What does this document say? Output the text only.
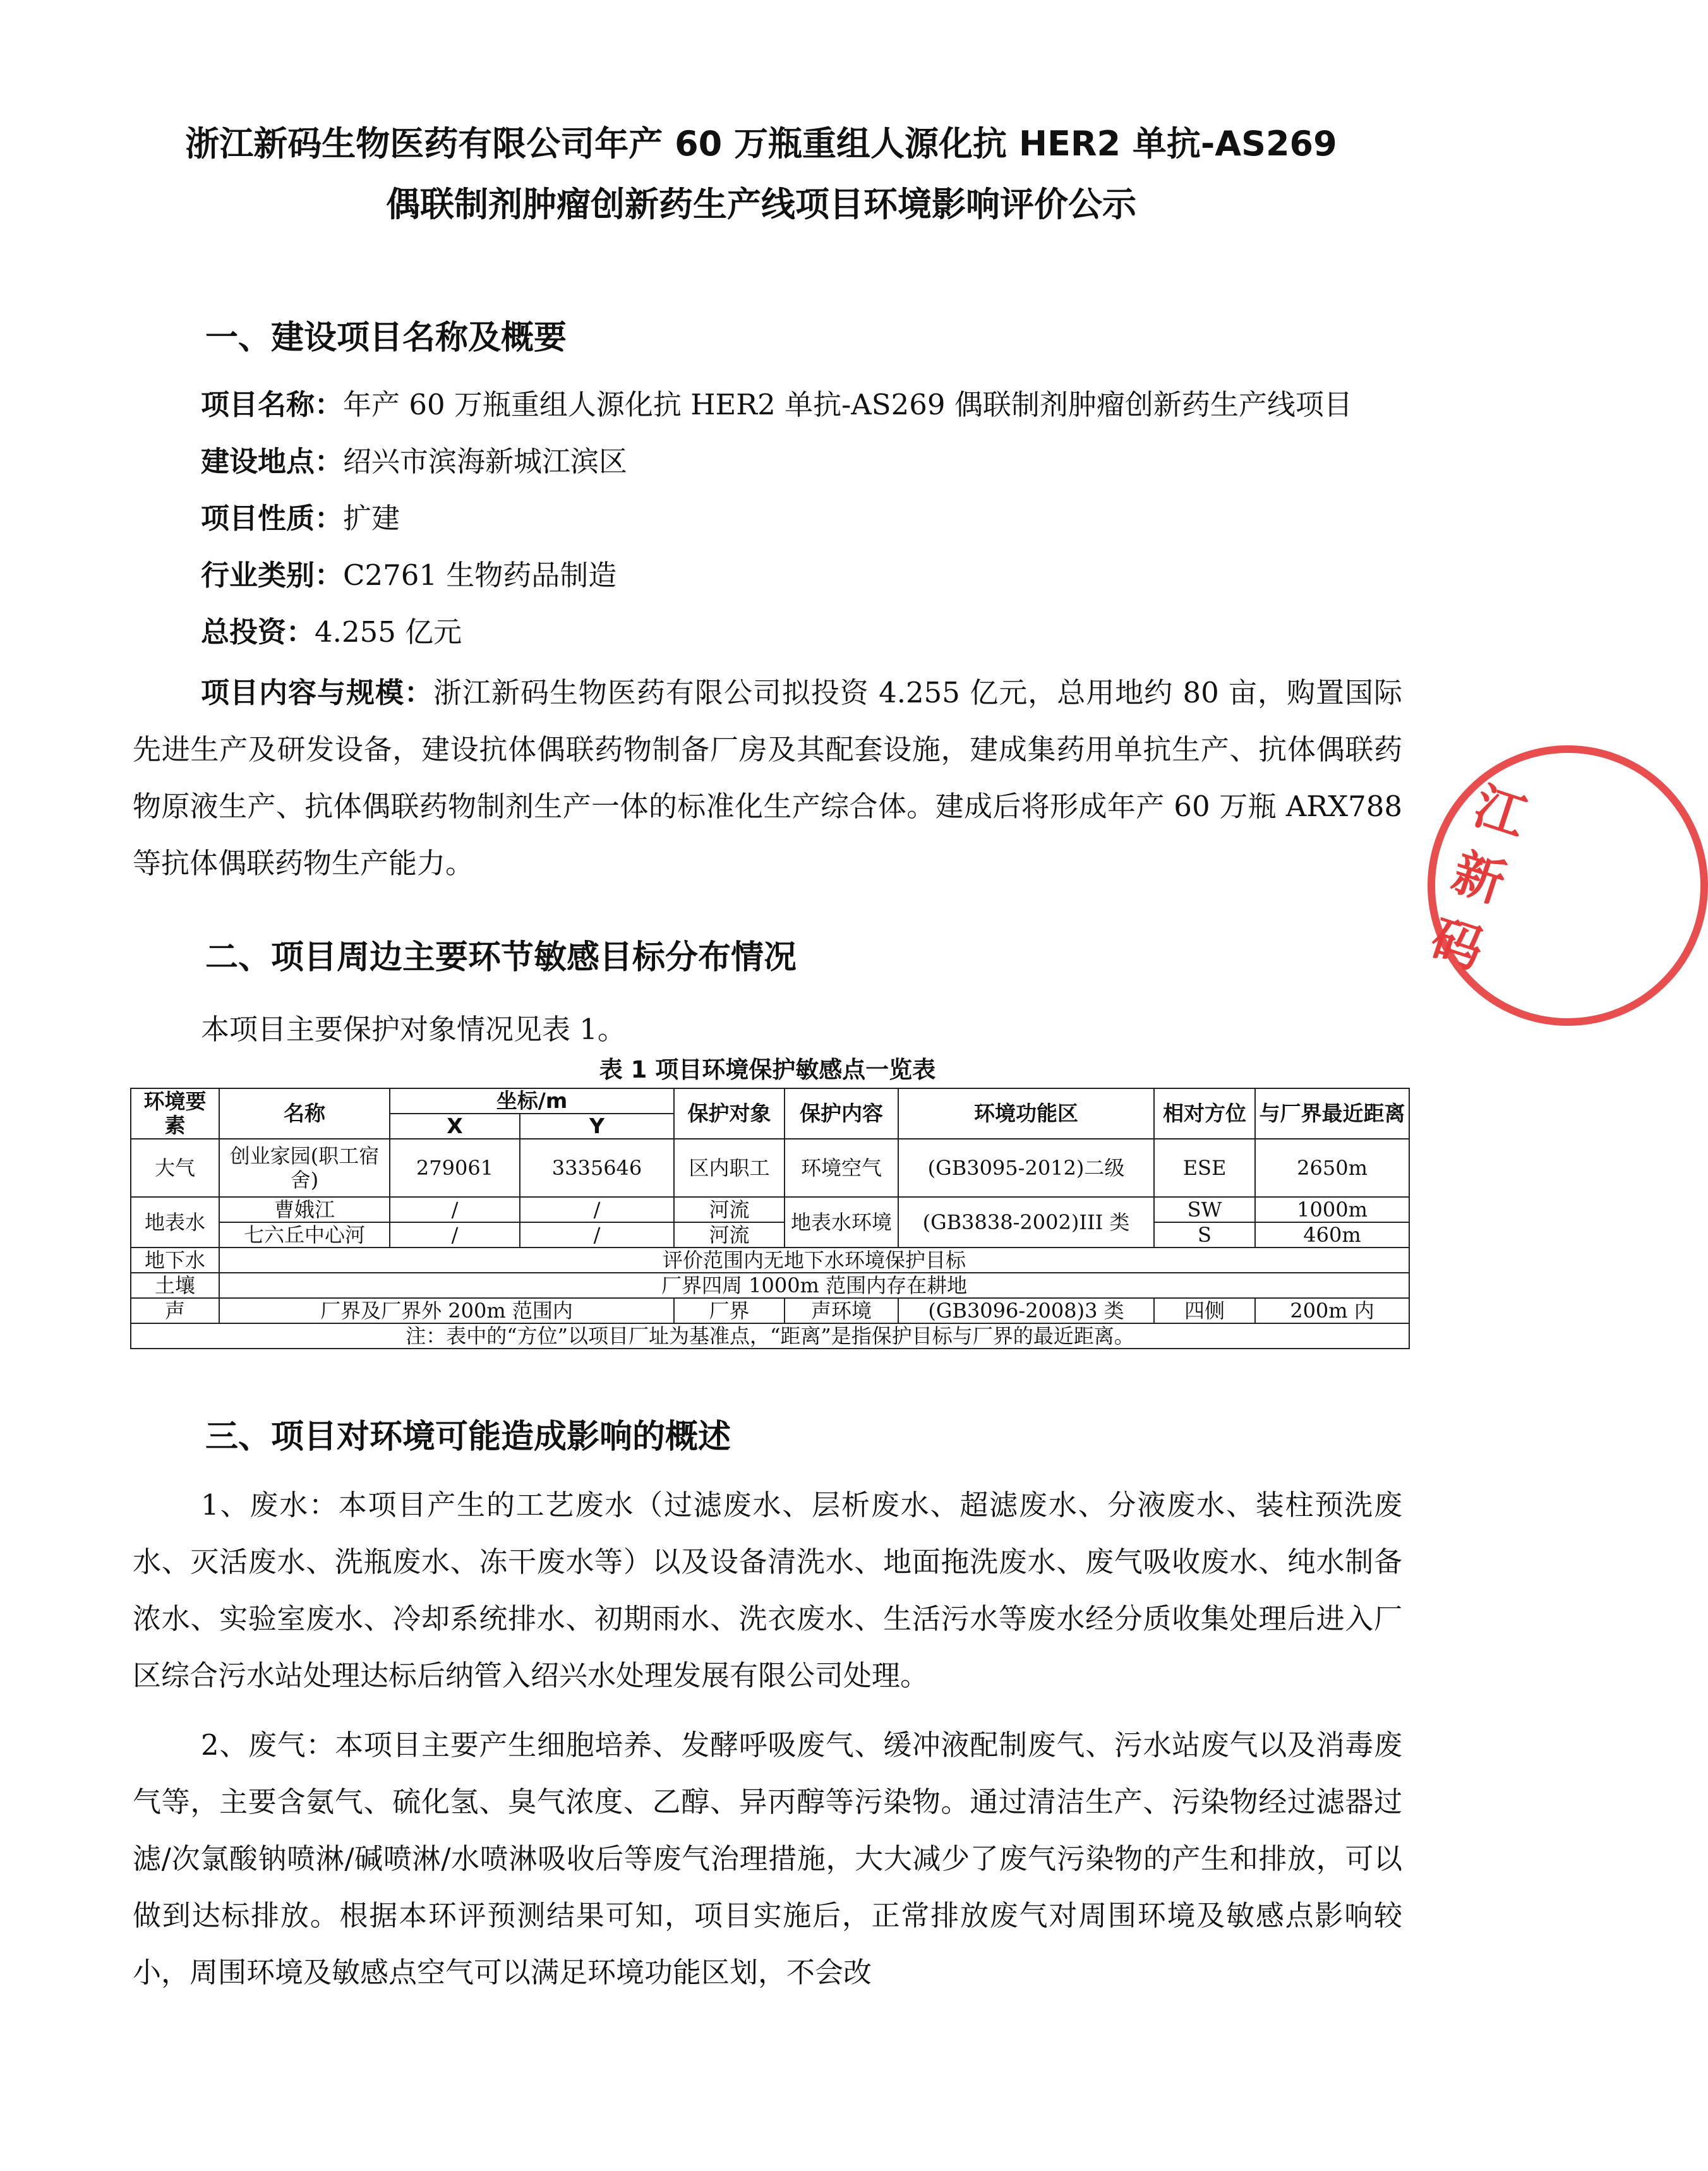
浙江新码生物医药有限公司年产 60 万瓶重组人源化抗 HER2 单抗-AS269
偶联制剂肿瘤创新药生产线项目环境影响评价公示
一、建设项目名称及概要
项目名称：年产 60 万瓶重组人源化抗 HER2 单抗-AS269 偶联制剂肿瘤创新药生产线项目
建设地点：绍兴市滨海新城江滨区
项目性质：扩建
行业类别：C2761 生物药品制造
总投资：4.255 亿元
项目内容与规模：浙江新码生物医药有限公司拟投资 4.255 亿元，总用地约 80 亩，购置国际先进生产及研发设备，建设抗体偶联药物制备厂房及其配套设施，建成集药用单抗生产、抗体偶联药物原液生产、抗体偶联药物制剂生产一体的标准化生产综合体。建成后将形成年产 60 万瓶 ARX788 等抗体偶联药物生产能力。
二、项目周边主要环节敏感目标分布情况
本项目主要保护对象情况见表 1。
表 1 项目环境保护敏感点一览表
环境要素	名称	坐标/m		保护对象	保护内容	环境功能区	相对方位	与厂界最近距离
		X	Y					
大气	创业家园(职工宿舍)	279061	3335646	区内职工	环境空气	(GB3095-2012)二级	ESE	2650m
地表水	曹娥江	/	/	河流	地表水环境	(GB3838-2002)III 类	SW	1000m
	七六丘中心河	/	/	河流			S	460m
地下水	评价范围内无地下水环境保护目标							
土壤	厂界四周 1000m 范围内存在耕地							
声	厂界及厂界外 200m 范围内			厂界	声环境	(GB3096-2008)3 类	四侧	200m 内
注：表中的“方位”以项目厂址为基准点，“距离”是指保护目标与厂界的最近距离。								
三、项目对环境可能造成影响的概述
1、废水：本项目产生的工艺废水（过滤废水、层析废水、超滤废水、分液废水、装柱预洗废水、灭活废水、洗瓶废水、冻干废水等）以及设备清洗水、地面拖洗废水、废气吸收废水、纯水制备浓水、实验室废水、冷却系统排水、初期雨水、洗衣废水、生活污水等废水经分质收集处理后进入厂区综合污水站处理达标后纳管入绍兴水处理发展有限公司处理。
2、废气：本项目主要产生细胞培养、发酵呼吸废气、缓冲液配制废气、污水站废气以及消毒废气等，主要含氨气、硫化氢、臭气浓度、乙醇、异丙醇等污染物。通过清洁生产、污染物经过滤器过滤/次氯酸钠喷淋/碱喷淋/水喷淋吸收后等废气治理措施，大大减少了废气污染物的产生和排放，可以做到达标排放。根据本环评预测结果可知，项目实施后，正常排放废气对周围环境及敏感点影响较小，周围环境及敏感点空气可以满足环境功能区划，不会改
江新码
